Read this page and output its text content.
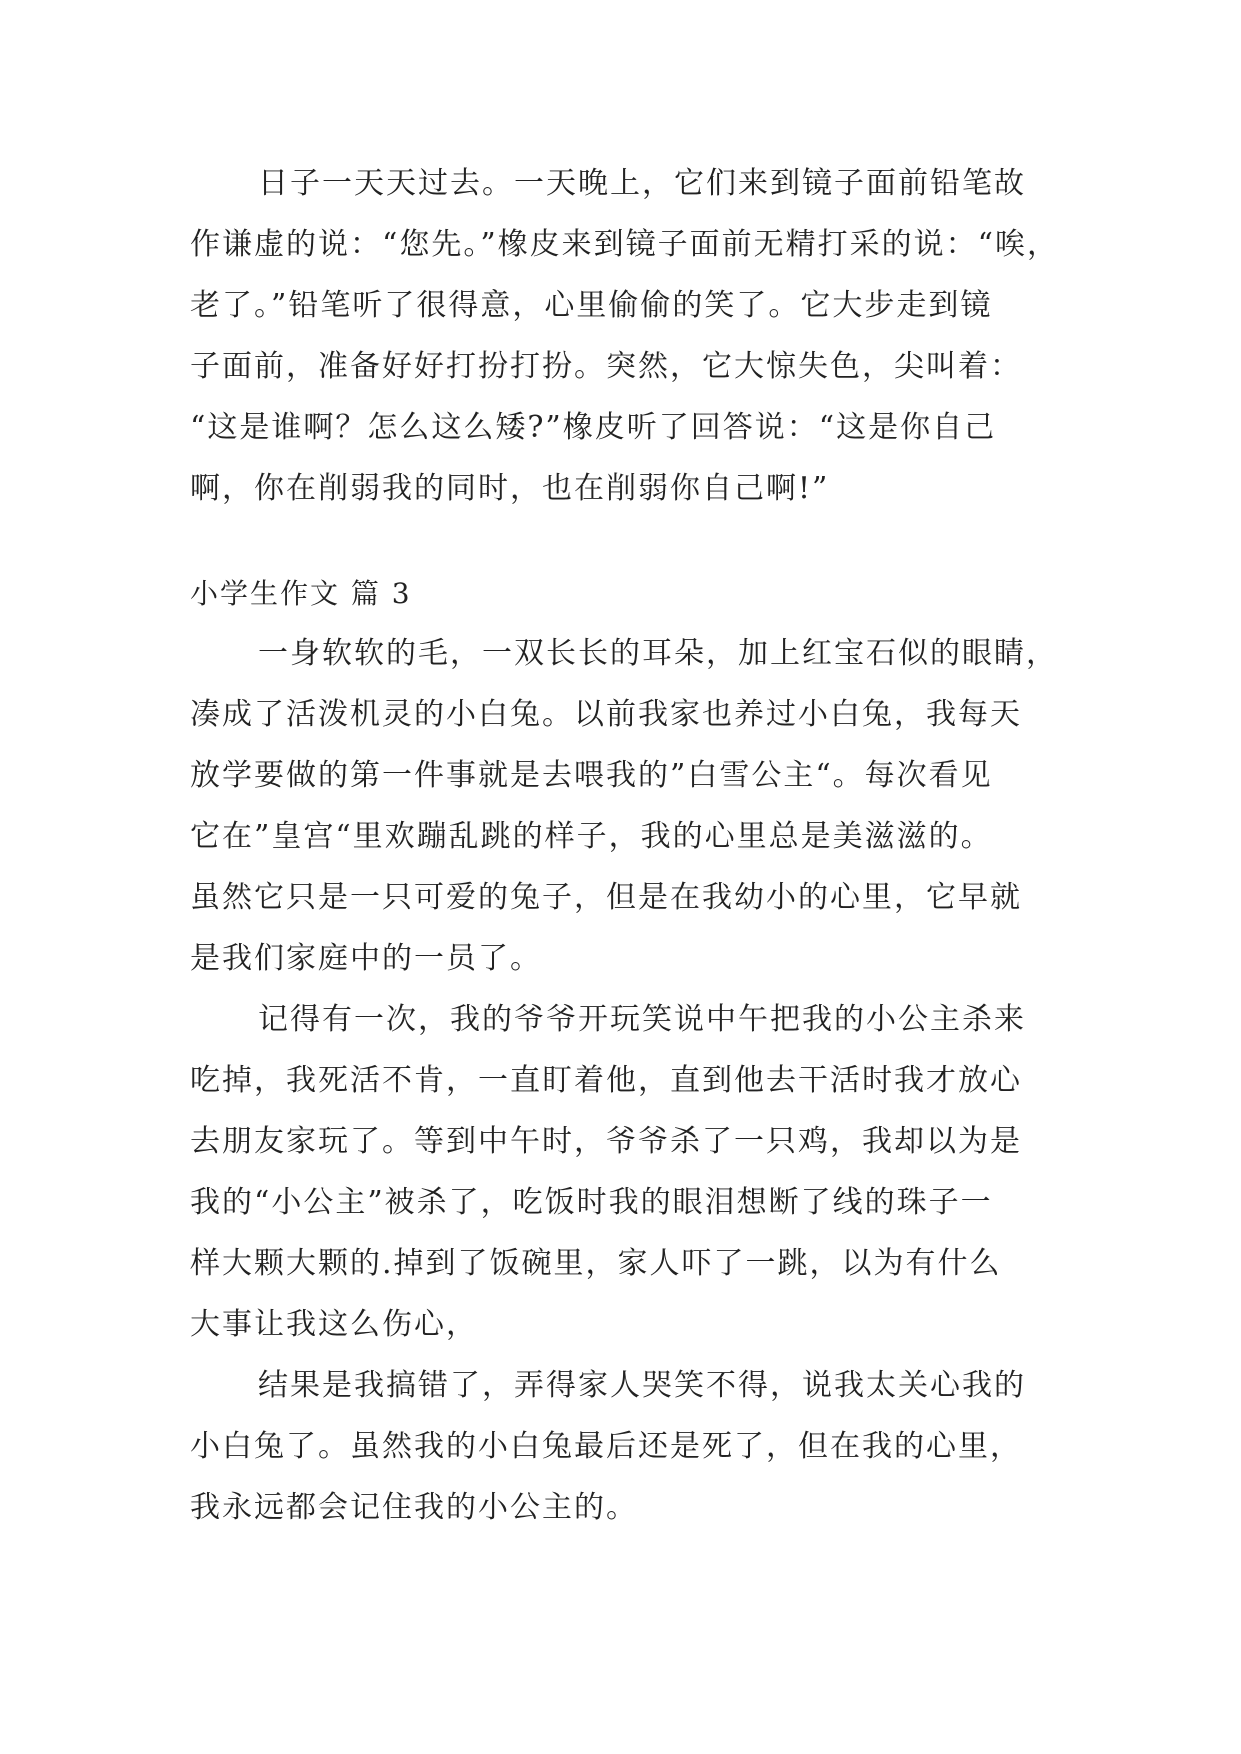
日子一天天过去。一天晚上，它们来到镜子面前铅笔故
作谦虚的说：“您先。”橡皮来到镜子面前无精打采的说：“唉，
老了。”铅笔听了很得意，心里偷偷的笑了。它大步走到镜
子面前，准备好好打扮打扮。突然，它大惊失色，尖叫着：
“这是谁啊？怎么这么矮?”橡皮听了回答说：“这是你自己
啊，你在削弱我的同时，也在削弱你自己啊!”
小学生作文 篇 3
一身软软的毛，一双长长的耳朵，加上红宝石似的眼睛，
凑成了活泼机灵的小白兔。以前我家也养过小白兔，我每天
放学要做的第一件事就是去喂我的”白雪公主“。每次看见
它在”皇宫“里欢蹦乱跳的样子，我的心里总是美滋滋的。
虽然它只是一只可爱的兔子，但是在我幼小的心里，它早就
是我们家庭中的一员了。
记得有一次，我的爷爷开玩笑说中午把我的小公主杀来
吃掉，我死活不肯，一直盯着他，直到他去干活时我才放心
去朋友家玩了。等到中午时，爷爷杀了一只鸡，我却以为是
我的“小公主”被杀了，吃饭时我的眼泪想断了线的珠子一
样大颗大颗的.掉到了饭碗里，家人吓了一跳，以为有什么
大事让我这么伤心，
结果是我搞错了，弄得家人哭笑不得，说我太关心我的
小白兔了。虽然我的小白兔最后还是死了，但在我的心里，
我永远都会记住我的小公主的。
